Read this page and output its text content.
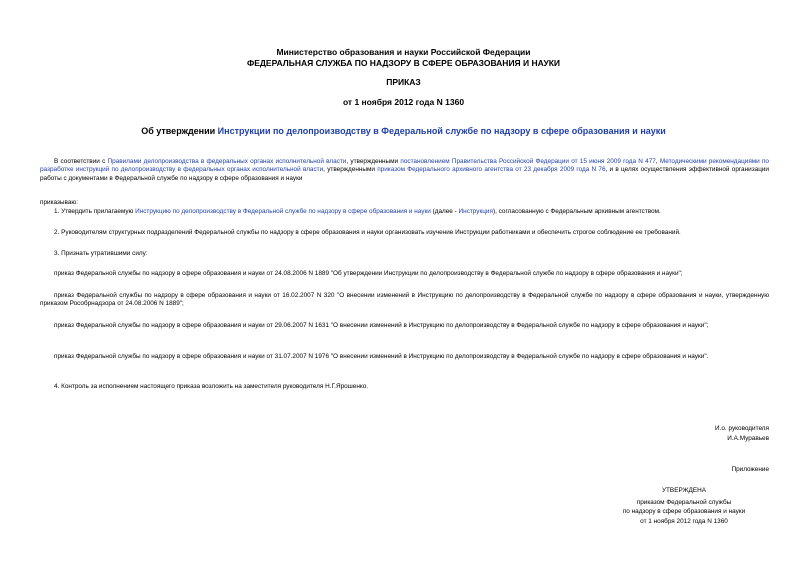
Министерство образования и науки Российской Федерации
ФЕДЕРАЛЬНАЯ СЛУЖБА ПО НАДЗОРУ В СФЕРЕ ОБРАЗОВАНИЯ И НАУКИ
ПРИКАЗ
от 1 ноября 2012 года N 1360
Об утверждении Инструкции по делопроизводству в Федеральной службе по надзору в сфере образования и науки
В соответствии с Правилами делопроизводства в федеральных органах исполнительной власти, утвержденными постановлением Правительства Российской Федерации от 15 июня 2009 года N 477, Методическими рекомендациями по разработке инструкций по делопроизводству в федеральных органах исполнительной власти, утвержденными приказом Федерального архивного агентства от 23 декабря 2009 года N 76, и в целях осуществления эффективной организации работы с документами в Федеральной службе по надзору в сфере образования и науки
приказываю:
1. Утвердить прилагаемую Инструкцию по делопроизводству в Федеральной службе по надзору в сфере образования и науки (далее - Инструкция), согласованную с Федеральным архивным агентством.
2. Руководителям структурных подразделений Федеральной службы по надзору в сфере образования и науки организовать изучение Инструкции работниками и обеспечить строгое соблюдение ее требований.
3. Признать утратившими силу:
приказ Федеральной службы по надзору в сфере образования и науки от 24.08.2006 N 1889 "Об утверждении Инструкции по делопроизводству в Федеральной службе по надзору в сфере образования и науки";
приказ Федеральной службы по надзору в сфере образования и науки от 16.02.2007 N 320 "О внесении изменений в Инструкцию по делопроизводству в Федеральной службе по надзору в сфере образования и науки, утвержденную приказом Рособрнадзора от 24.08.2006 N 1889";
приказ Федеральной службы по надзору в сфере образования и науки от 29.06.2007 N 1631 "О внесении изменений в Инструкцию по делопроизводству в Федеральной службе по надзору в сфере образования и науки";
приказ Федеральной службы по надзору в сфере образования и науки от 31.07.2007 N 1976 "О внесении изменений в Инструкцию по делопроизводству в Федеральной службе по надзору в сфере образования и науки".
4. Контроль за исполнением настоящего приказа возложить на заместителя руководителя Н.Г.Ярошенко.
И.о. руководителя
И.А.Муравьев
Приложение
УТВЕРЖДЕНА
приказом Федеральной службы
по надзору в сфере образования и науки
от 1 ноября 2012 года N 1360
